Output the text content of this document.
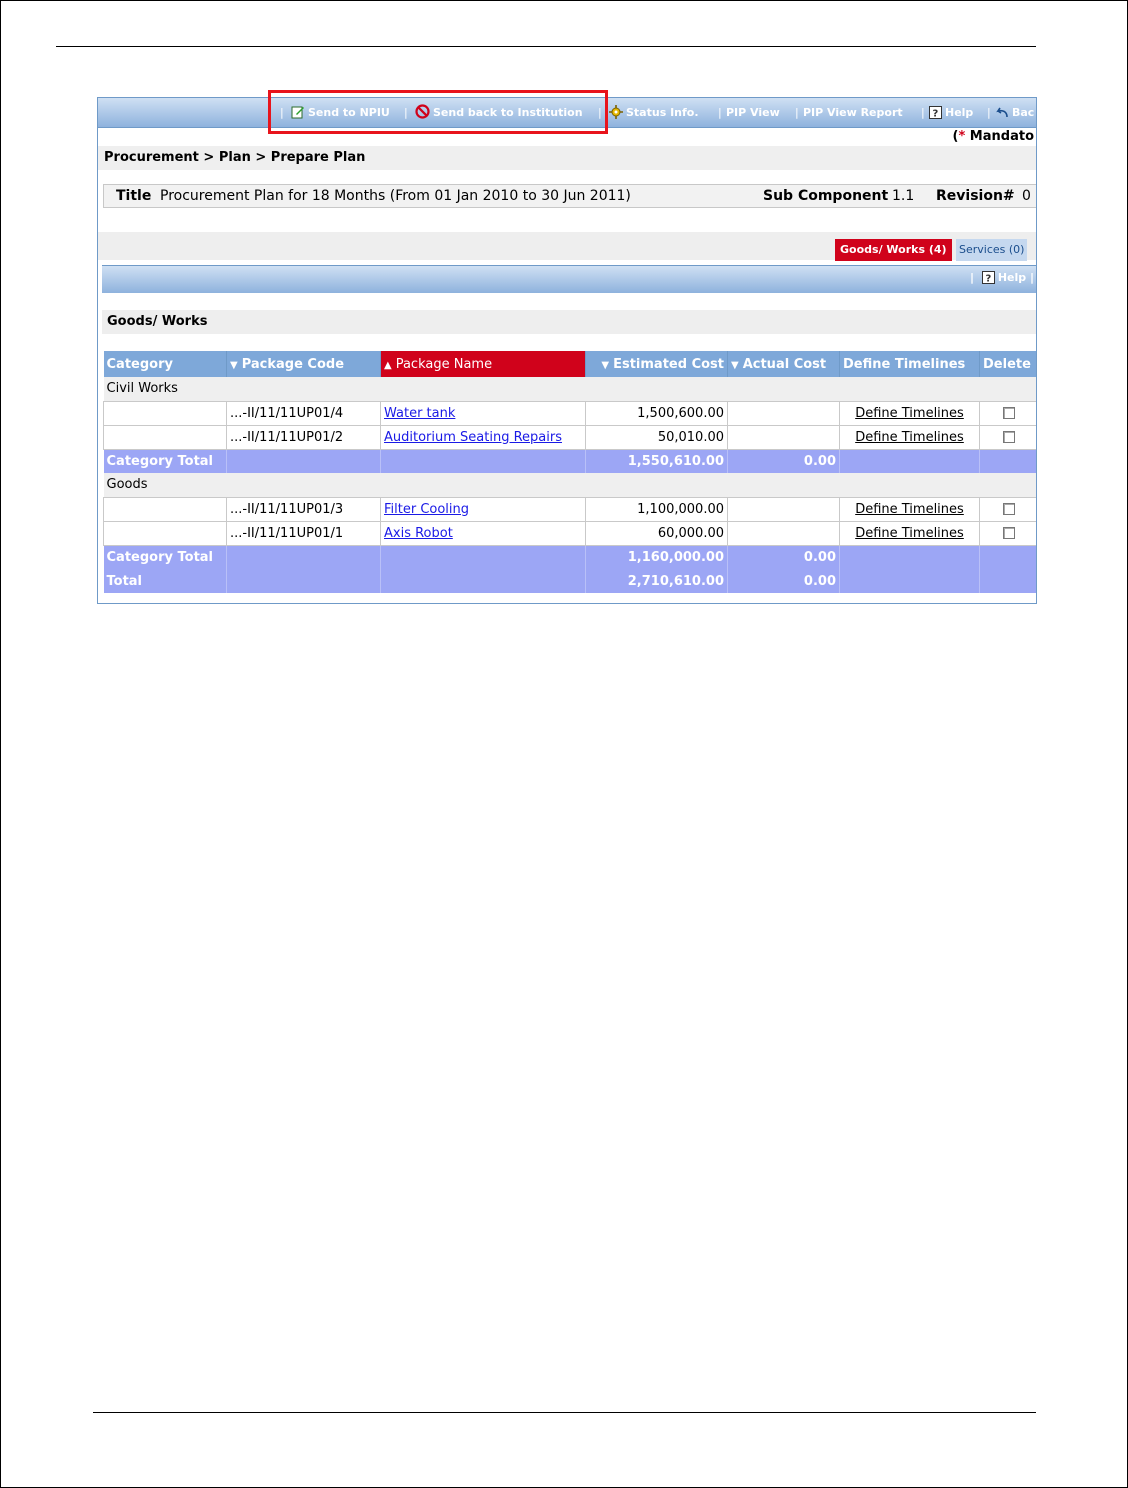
|	Send to NPIU |	Send back to Institution |	Status Info. | PIP View | PIP View Report | ? Help |	Bac
(* Mandato
Procurement > Plan > Prepare Plan
Title Procurement Plan for 18 Months (From 01 Jan 2010 to 30 Jun 2011)	Sub Component 1.1 Revision# 0
Goods/ Works (4)	Services (0)
| ? Help |
Goods/ Works
Category	▼ Package Code	▲ Package Name	▼ Estimated Cost	▼ Actual Cost	Define Timelines	Delete
Civil Works						
	...-II/11/11UP01/4	Water tank	1,500,600.00		Define Timelines	
	...-II/11/11UP01/2	Auditorium Seating Repairs	50,010.00		Define Timelines	
Category Total			1,550,610.00	0.00		
Goods						
	...-II/11/11UP01/3	Filter Cooling	1,100,000.00		Define Timelines	
	...-II/11/11UP01/1	Axis Robot	60,000.00		Define Timelines	
Category Total			1,160,000.00	0.00		
Total			2,710,610.00	0.00		
